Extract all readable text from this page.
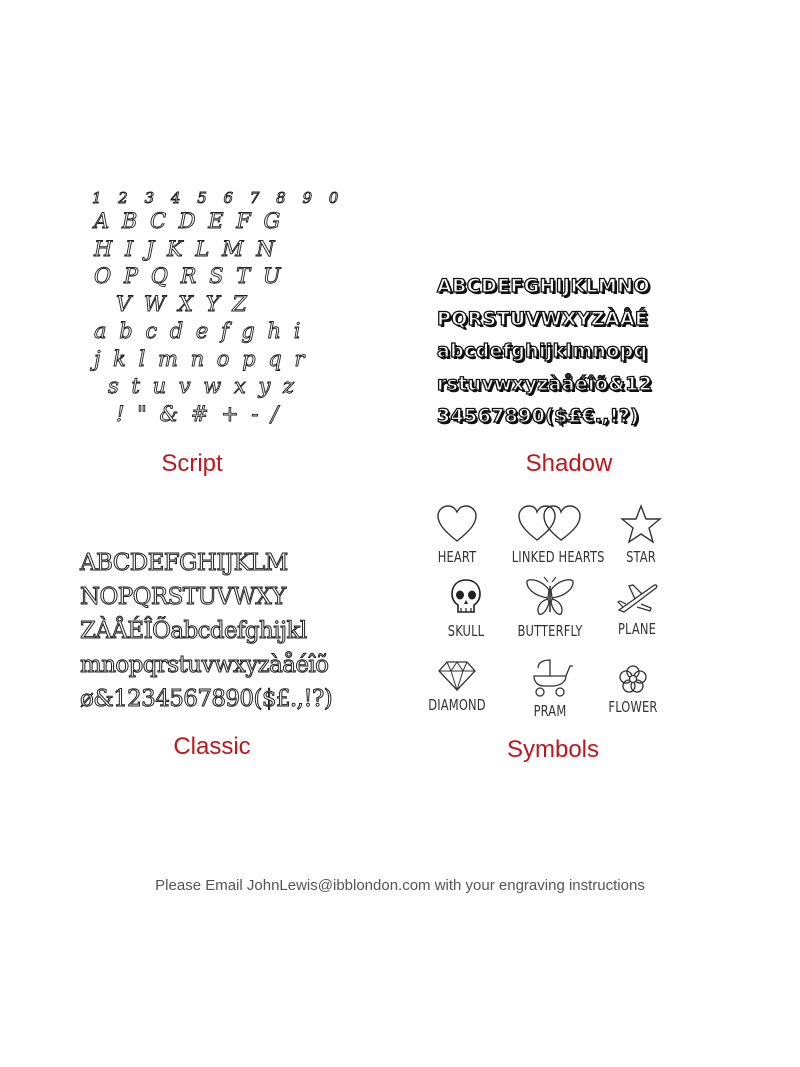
1 2 3 4 5 6 7 8 9 0

A B C D E F G

H I J K L M N

O P Q R S T U

V W X Y Z

a b c d e f g h i

j k l m n o p q r

s t u v w x y z

! " & # + - /

Script

ABCDEFGHIJKLMNO

PQRSTUVWXYZÀÅÉ

abcdefghijklmnopq

rstuvwxyzàåéîõ&12

34567890($£€.,!?)

Shadow

ABCDEFGHIJKLM

NOPQRSTUVWXY

ZÀÅÉÎÕabcdefghijkl

mnopqrstuvwxyzàåéîõ

ø&1234567890($£.,!?)

Classic
HEART	LINKED HEARTS	STAR
SKULL	BUTTERFLY	PLANE
DIAMOND	PRAM	FLOWER
Symbols
Please Email JohnLewis@ibblondon.com with your engraving instructions
